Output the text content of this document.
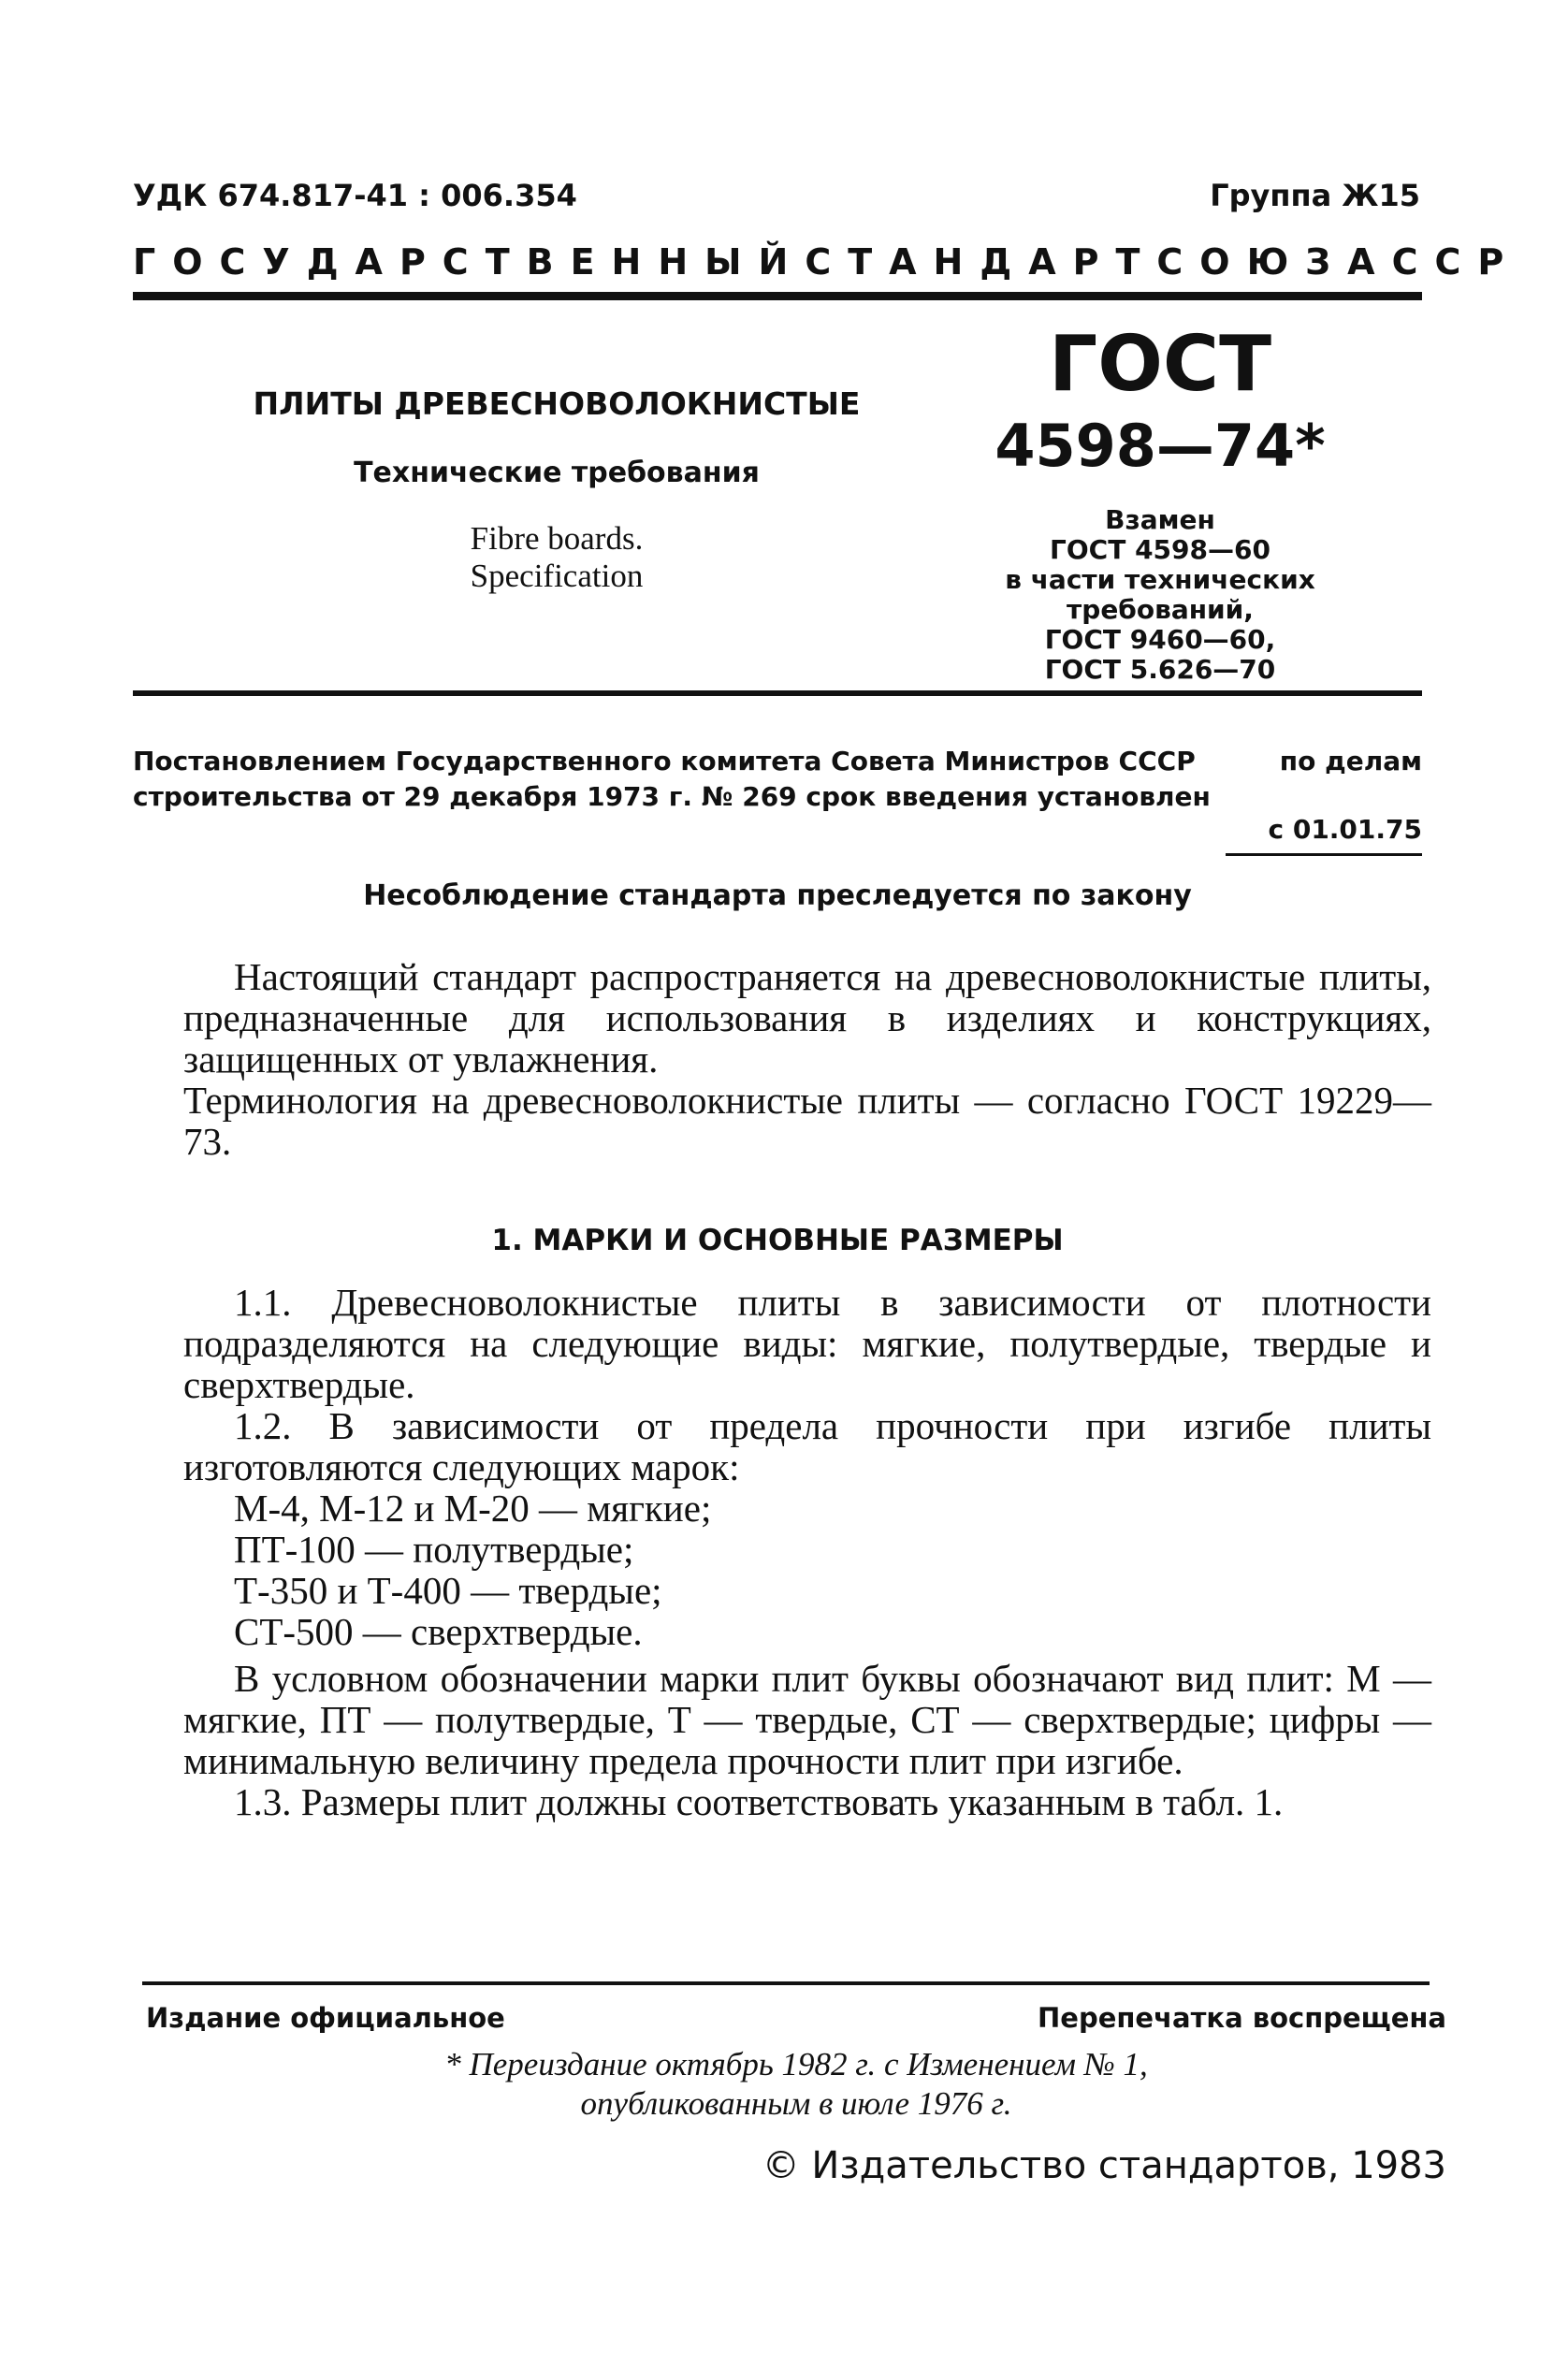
УДК 674.817-41 : 006.354	Группа Ж15
ГОСУДАРСТВЕННЫЙ СТАНДАРТ СОЮЗА ССР
ПЛИТЫ ДРЕВЕСНОВОЛОКНИСТЫЕ
Технические требования
Fibre boards.
Specification
ГОСТ
4598—74*
Взамен
ГОСТ 4598—60
в части технических
требований,
ГОСТ 9460—60,
ГОСТ 5.626—70
Постановлением Государственного комитета Совета Министров СССР	по делам
строительства от 29 декабря 1973 г. № 269 срок введения установлен
с 01.01.75
Несоблюдение стандарта преследуется по закону

Настоящий стандарт распространяется на древесноволокнистые плиты, предназначенные для использования в изделиях и конструкциях, защищенных от увлажнения.

Терминология на древесноволокнистые плиты — согласно ГОСТ 19229—73.

1. МАРКИ И ОСНОВНЫЕ РАЗМЕРЫ

1.1. Древесноволокнистые плиты в зависимости от плотности подразделяются на следующие виды: мягкие, полутвердые, твердые и сверхтвердые.

1.2. В зависимости от предела прочности при изгибе плиты изготовляются следующих марок:

М-4, М-12 и М-20 — мягкие;
ПТ-100 — полутвердые;
Т-350 и Т-400 — твердые;
СТ-500 — сверхтвердые.

В условном обозначении марки плит буквы обозначают вид плит: М — мягкие, ПТ — полутвердые, Т — твердые, СТ — сверхтвердые; цифры — минимальную величину предела прочности плит при изгибе.

1.3. Размеры плит должны соответствовать указанным в табл. 1.

Издание официальное	Перепечатка воспрещена
* Переиздание октябрь 1982 г. с Изменением № 1,
опубликованным в июле 1976 г.
© Издательство стандартов, 1983
